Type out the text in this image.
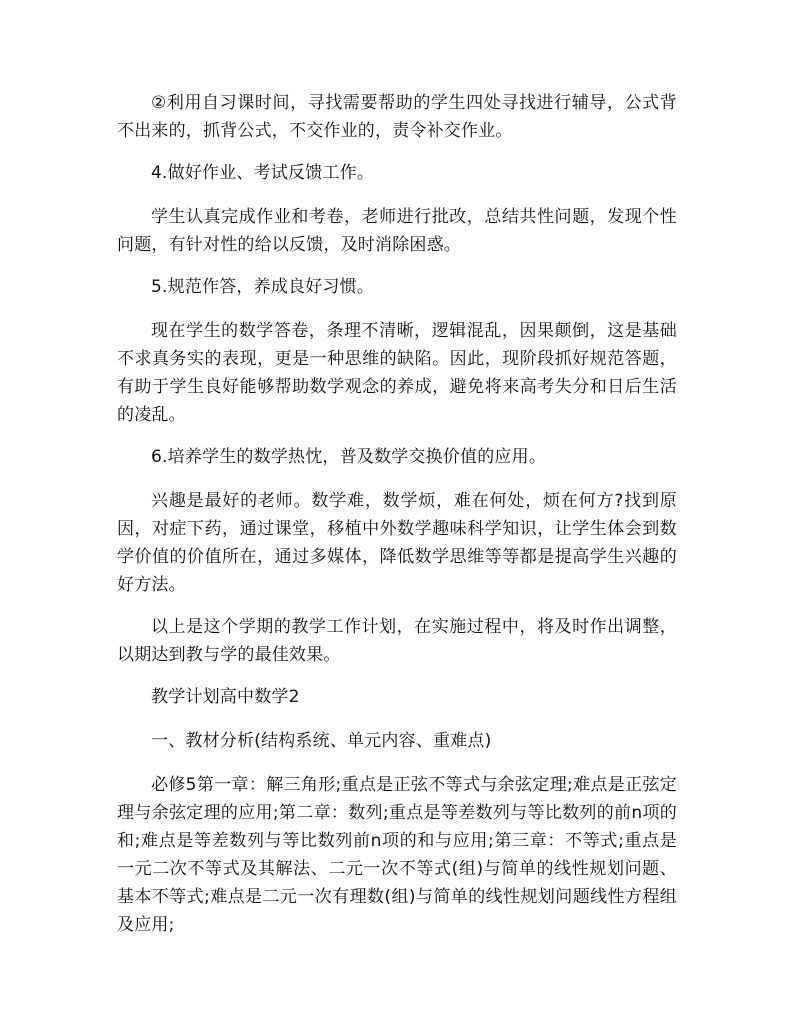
②利用自习课时间，寻找需要帮助的学生四处寻找进行辅导，公式背不出来的，抓背公式，不交作业的，责令补交作业。

4.做好作业、考试反馈工作。

学生认真完成作业和考卷，老师进行批改，总结共性问题，发现个性问题，有针对性的给以反馈，及时消除困惑。

5.规范作答，养成良好习惯。

现在学生的数学答卷，条理不清晰，逻辑混乱，因果颠倒，这是基础不求真务实的表现，更是一种思维的缺陷。因此，现阶段抓好规范答题，有助于学生良好能够帮助数学观念的养成，避免将来高考失分和日后生活的凌乱。

6.培养学生的数学热忱，普及数学交换价值的应用。

兴趣是最好的老师。数学难，数学烦，难在何处，烦在何方?找到原因，对症下药，通过课堂，移植中外数学趣味科学知识，让学生体会到数学价值的价值所在，通过多媒体，降低数学思维等等都是提高学生兴趣的好方法。

以上是这个学期的教学工作计划，在实施过程中，将及时作出调整，以期达到教与学的最佳效果。

教学计划高中数学2

一、教材分析(结构系统、单元内容、重难点)

必修5第一章：解三角形;重点是正弦不等式与余弦定理;难点是正弦定理与余弦定理的应用;第二章：数列;重点是等差数列与等比数列的前n项的和;难点是等差数列与等比数列前n项的和与应用;第三章：不等式;重点是一元二次不等式及其解法、二元一次不等式(组)与简单的线性规划问题、基本不等式;难点是二元一次有理数(组)与简单的线性规划问题线性方程组及应用;
